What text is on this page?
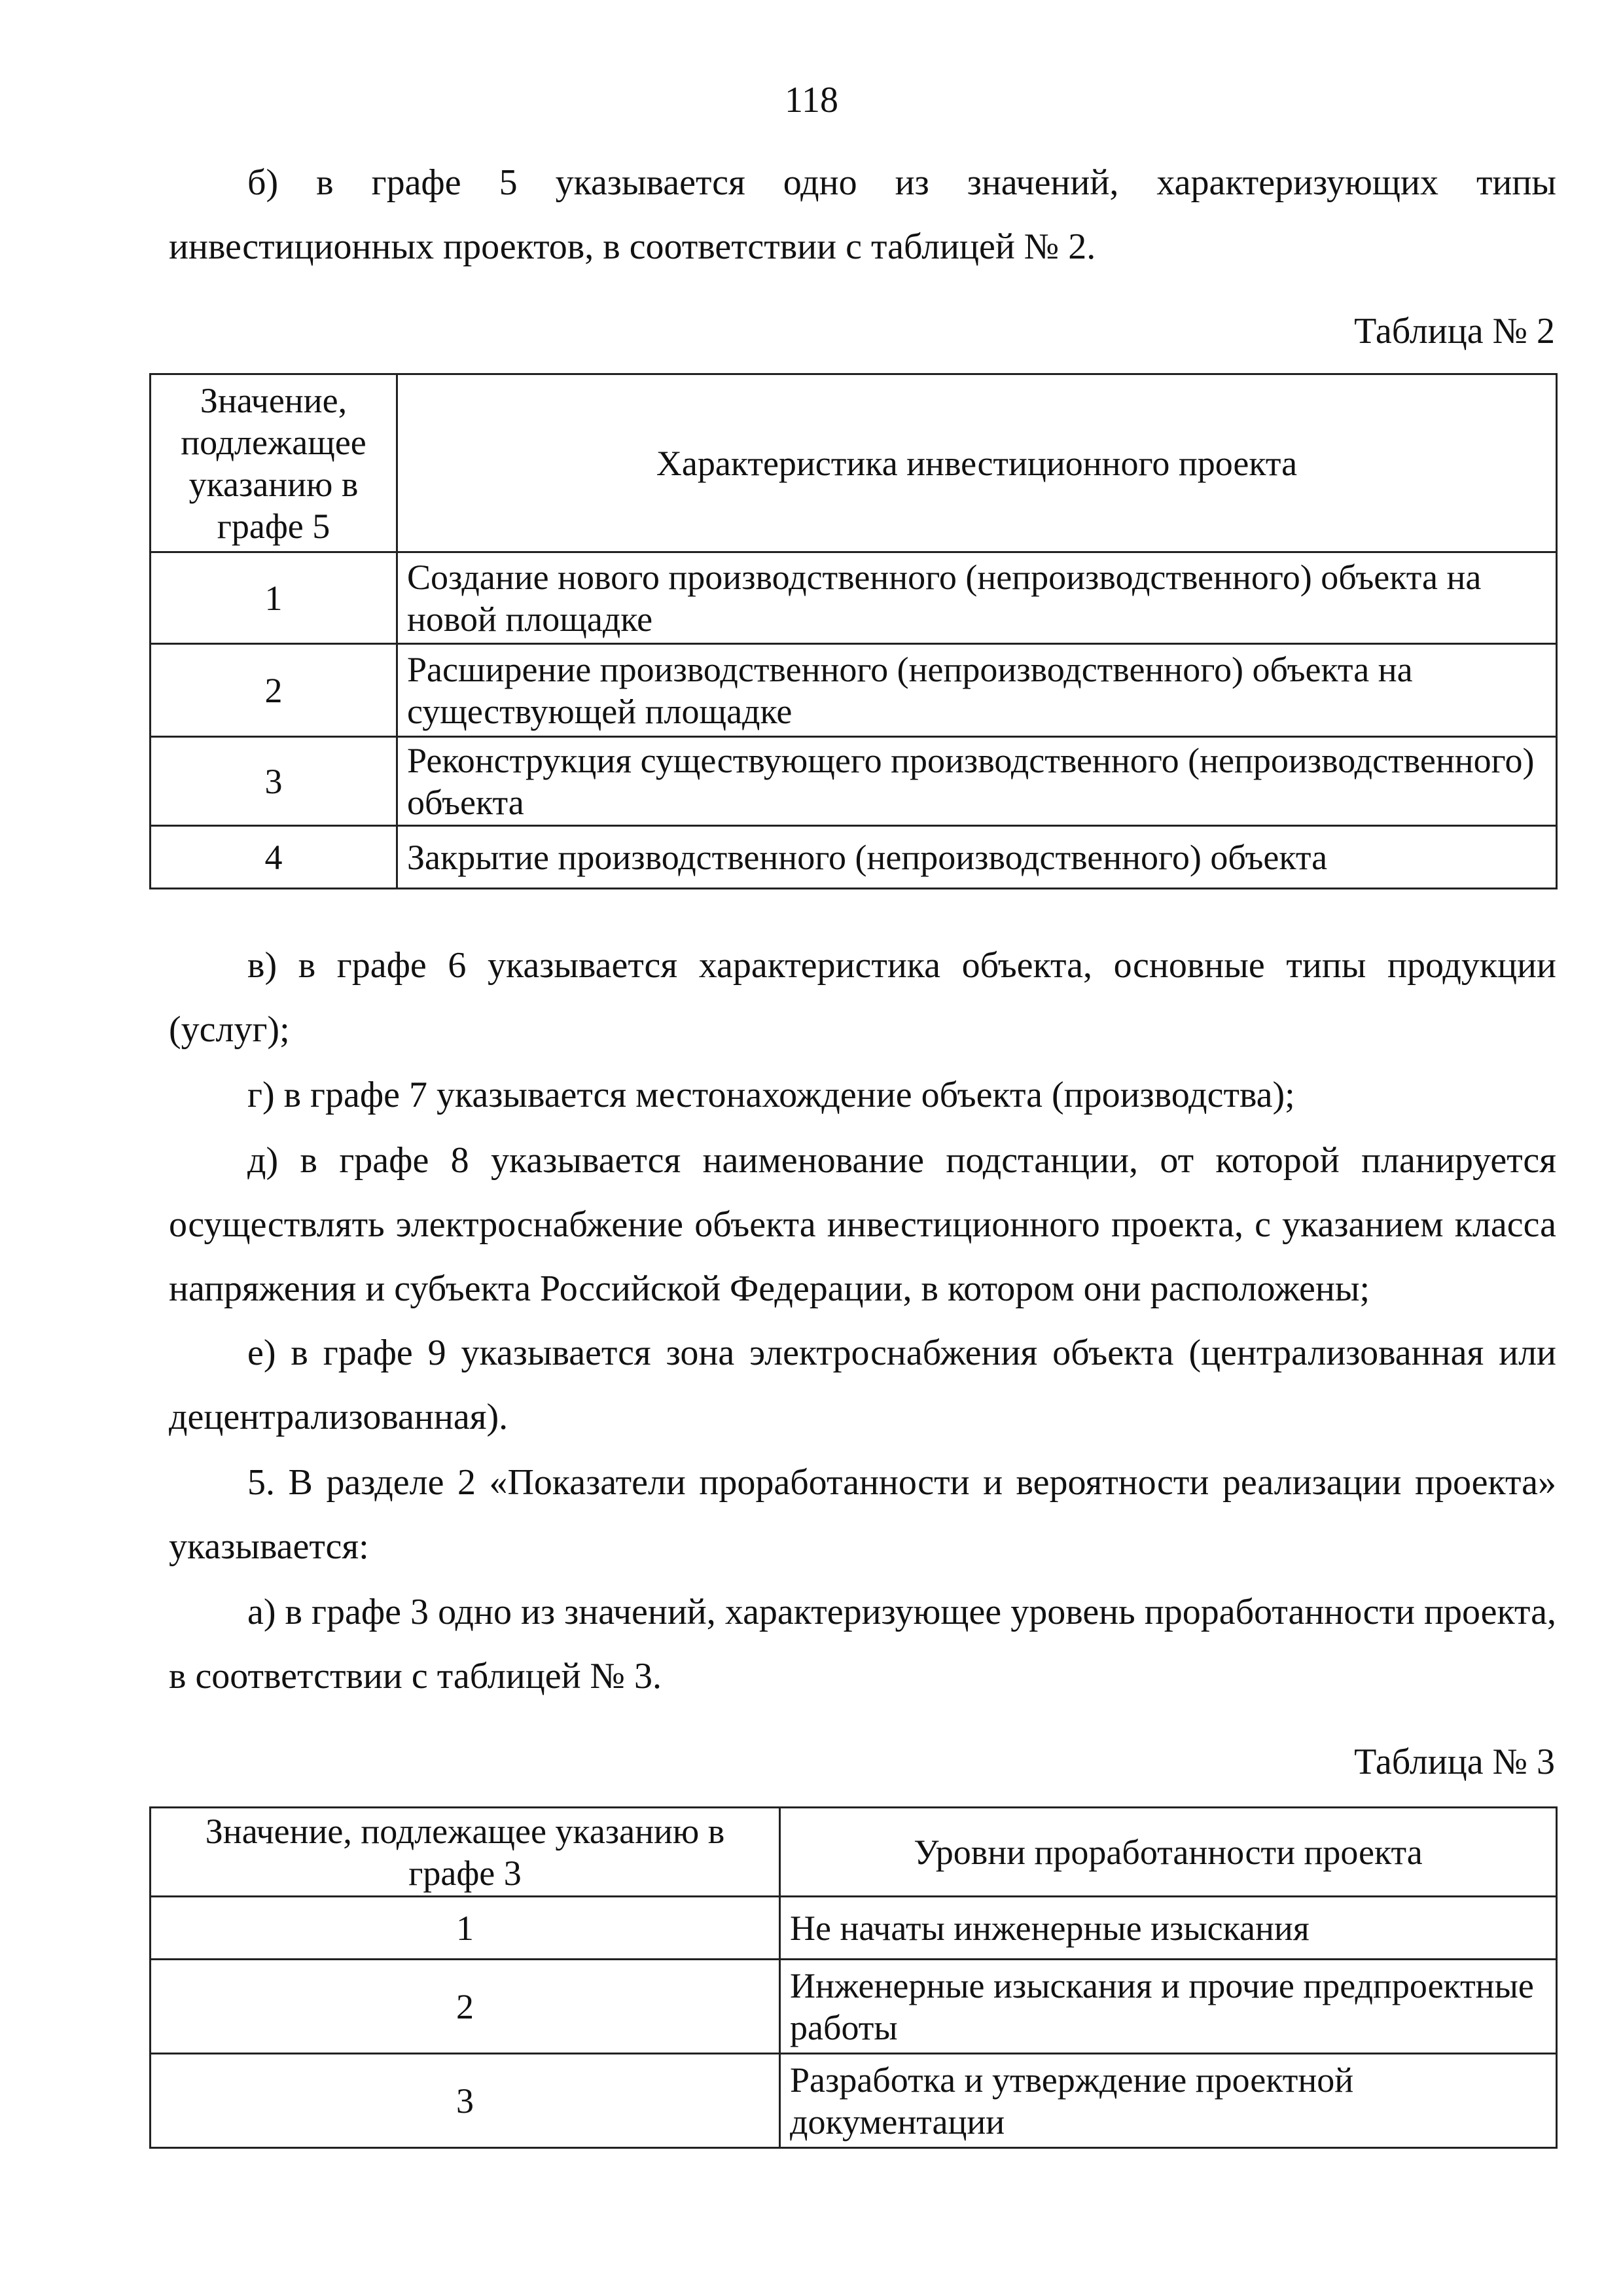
118

б) в графе 5 указывается одно из значений, характеризующих типы инвестиционных проектов, в соответствии с таблицей № 2.

Таблица № 2
Значение, подлежащее указанию в графе 5	Характеристика инвестиционного проекта
1	Создание нового производственного (непроизводственного) объекта на новой площадке
2	Расширение производственного (непроизводственного) объекта на существующей площадке
3	Реконструкция существующего производственного (непроизводственного) объекта
4	Закрытие производственного (непроизводственного) объекта

в) в графе 6 указывается характеристика объекта, основные типы продукции (услуг);

г) в графе 7 указывается местонахождение объекта (производства);

д) в графе 8 указывается наименование подстанции, от которой планируется осуществлять электроснабжение объекта инвестиционного проекта, с указанием класса напряжения и субъекта Российской Федерации, в котором они расположены;

е) в графе 9 указывается зона электроснабжения объекта (централизованная или децентрализованная).

5. В разделе 2 «Показатели проработанности и вероятности реализации проекта» указывается:

а) в графе 3 одно из значений, характеризующее уровень проработанности проекта, в соответствии с таблицей № 3.

Таблица № 3
Значение, подлежащее указанию в графе 3	Уровни проработанности проекта
1	Не начаты инженерные изыскания
2	Инженерные изыскания и прочие предпроектные работы
3	Разработка и утверждение проектной документации
